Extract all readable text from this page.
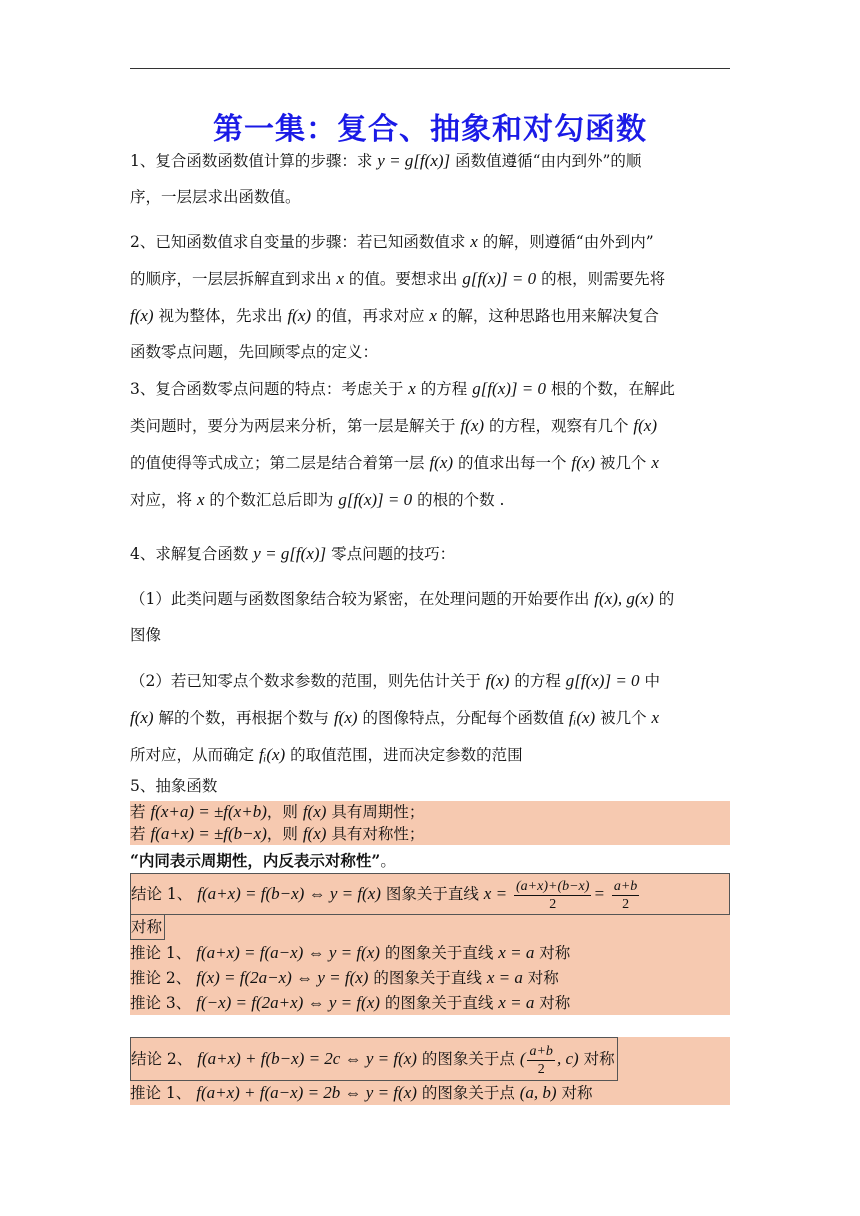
第一集：复合、抽象和对勾函数
1、复合函数函数值计算的步骤：求 y = g[f(x)] 函数值遵循“由内到外”的顺
序，一层层求出函数值。
2、已知函数值求自变量的步骤：若已知函数值求 x 的解，则遵循“由外到内”
的顺序，一层层拆解直到求出 x 的值。要想求出 g[f(x)] = 0 的根，则需要先将
f(x) 视为整体，先求出 f(x) 的值，再求对应 x 的解，这种思路也用来解决复合
函数零点问题，先回顾零点的定义：
3、复合函数零点问题的特点：考虑关于 x 的方程 g[f(x)] = 0 根的个数，在解此
类问题时，要分为两层来分析，第一层是解关于 f(x) 的方程，观察有几个 f(x)
的值使得等式成立；第二层是结合着第一层 f(x) 的值求出每一个 f(x) 被几个 x
对应，将 x 的个数汇总后即为 g[f(x)] = 0 的根的个数 .
4、求解复合函数 y = g[f(x)] 零点问题的技巧：
（1）此类问题与函数图象结合较为紧密，在处理问题的开始要作出 f(x), g(x) 的
图像
（2）若已知零点个数求参数的范围，则先估计关于 f(x) 的方程 g[f(x)] = 0 中
f(x) 解的个数，再根据个数与 f(x) 的图像特点，分配每个函数值 fᵢ(x) 被几个 x
所对应，从而确定 fᵢ(x) 的取值范围，进而决定参数的范围
5、抽象函数
若 f(x+a) = ±f(x+b)，则 f(x) 具有周期性；
若 f(a+x) = ±f(b−x)，则 f(x) 具有对称性；
“内同表示周期性，内反表示对称性”。
结论 1、 f(a+x) = f(b−x) ⇔ y = f(x) 图象关于直线 $x = \frac{(a+x)+(b-x)}{2} = \frac{a+b}{2}$
对称
推论 1、 f(a+x) = f(a−x) ⇔ y = f(x) 的图象关于直线 x = a 对称
推论 2、 f(x) = f(2a−x) ⇔ y = f(x) 的图象关于直线 x = a 对称
推论 3、 f(−x) = f(2a+x) ⇔ y = f(x) 的图象关于直线 x = a 对称
结论 2、 f(a+x) + f(b−x) = 2c ⇔ y = f(x) 的图象关于点 ( $\frac{a+b}{2}$ , c) 对称
推论 1、 f(a+x) + f(a−x) = 2b ⇔ y = f(x) 的图象关于点 (a, b) 对称
